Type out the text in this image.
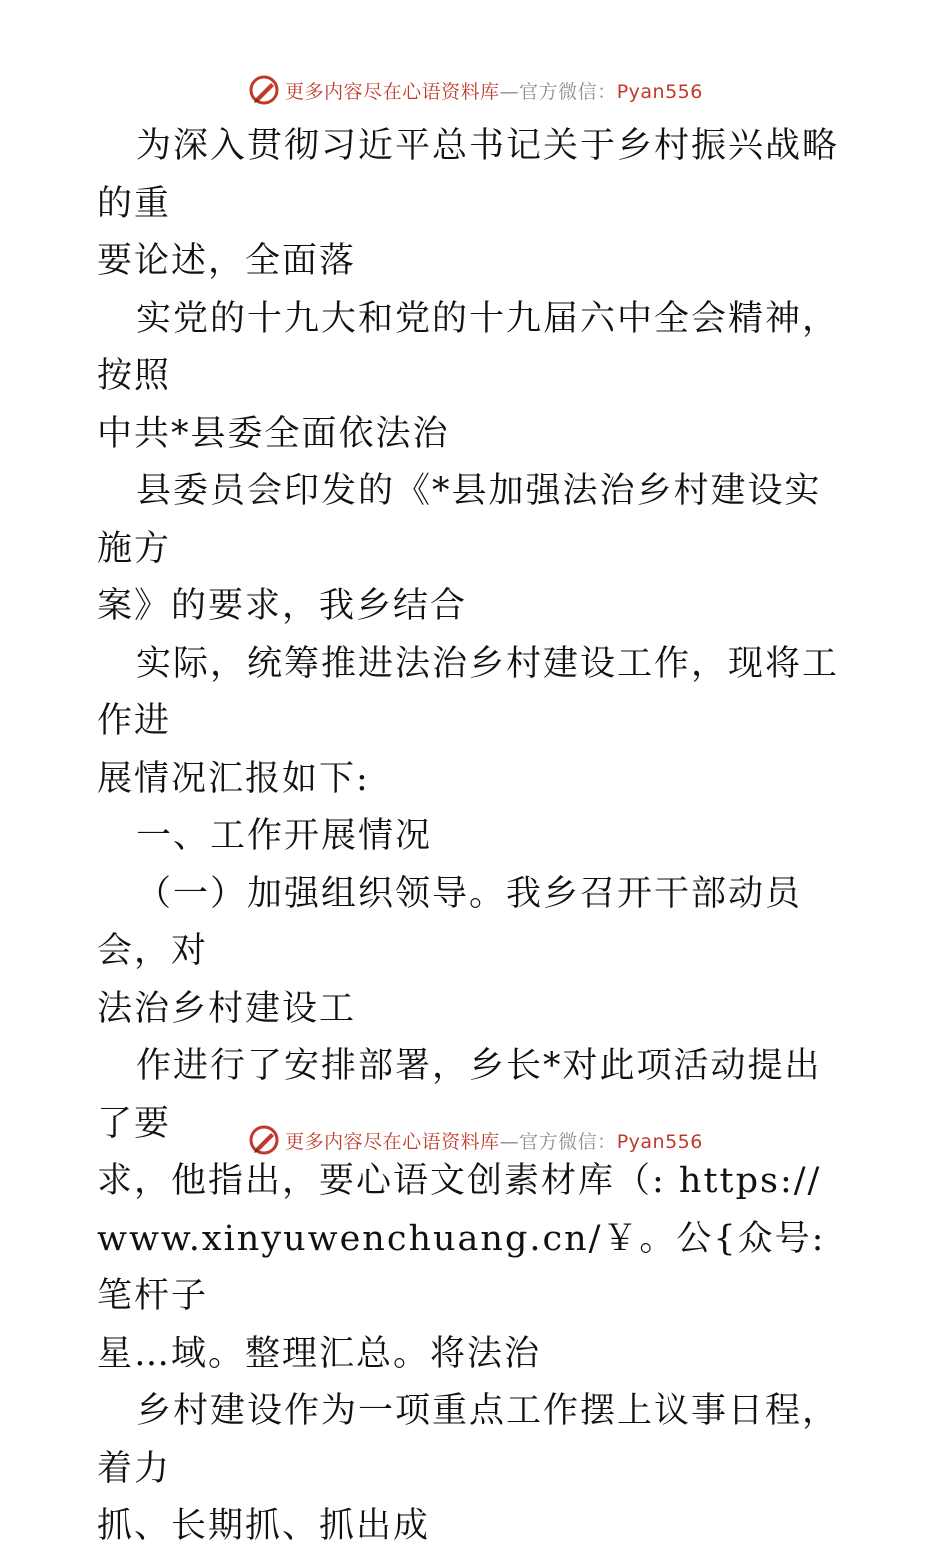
更多内容尽在心语资料库—官方微信：Pyan556

为深入贯彻习近平总书记关于乡村振兴战略的重
要论述，全面落

实党的十九大和党的十九届六中全会精神，按照
中共*县委全面依法治

县委员会印发的《*县加强法治乡村建设实施方
案》的要求，我乡结合

实际，统筹推进法治乡村建设工作，现将工作进
展情况汇报如下:

一、工作开展情况

（一）加强组织领导。我乡召开干部动员会，对
法治乡村建设工

作进行了安排部署，乡长*对此项活动提出了要
求，他指出，要心语文创素材库（: https://
www.xinyuwenchuang.cn/￥。公{众号: 笔杆子
星…域。整理汇总。将法治

乡村建设作为一项重点工作摆上议事日程，着力
抓、长期抓、抓出成

更多内容尽在心语资料库—官方微信：Pyan556
